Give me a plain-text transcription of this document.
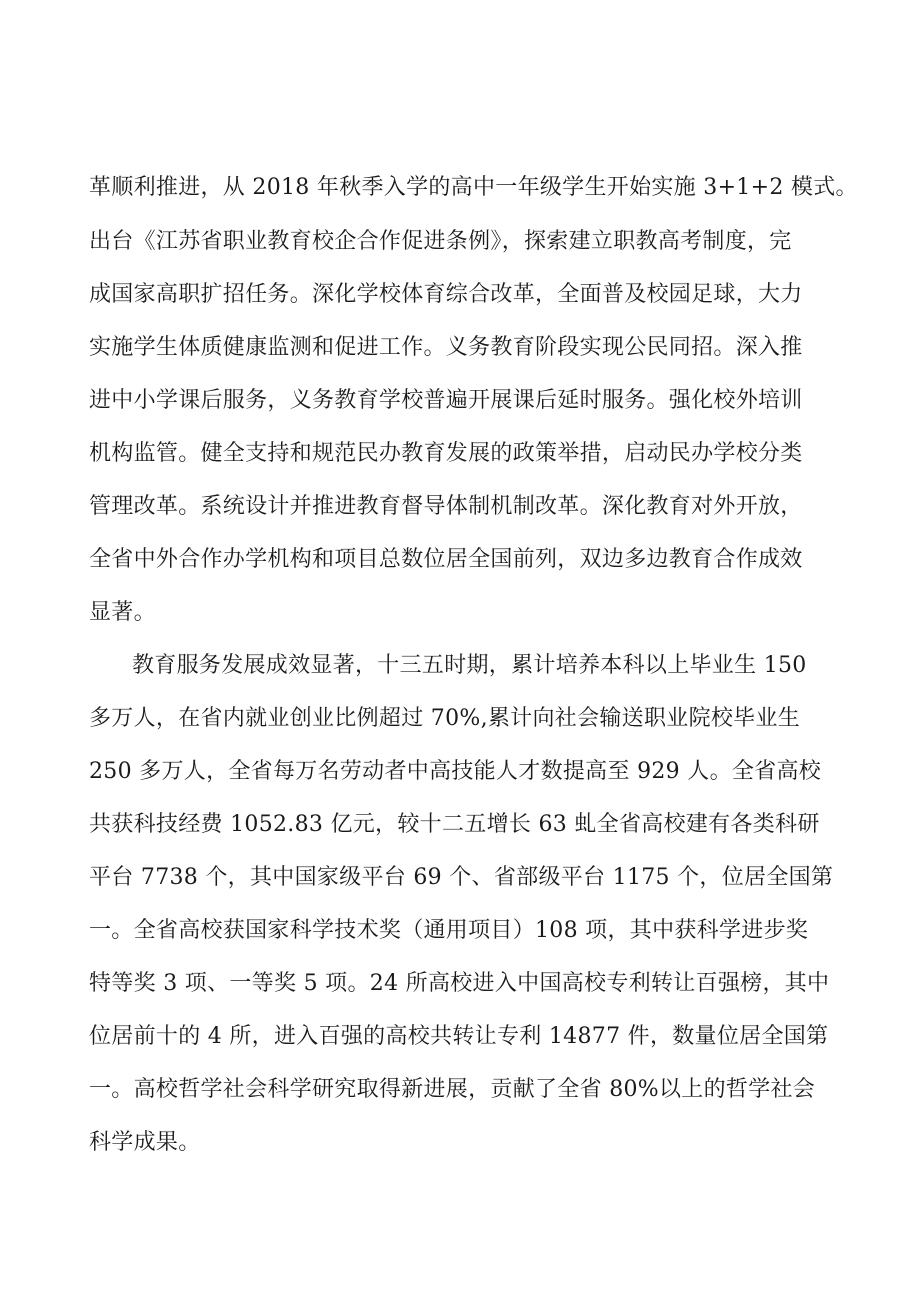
革顺利推进，从 2018 年秋季入学的高中一年级学生开始实施 3+1+2 模式。
出台《江苏省职业教育校企合作促进条例》，探索建立职教高考制度，完
成国家高职扩招任务。深化学校体育综合改革，全面普及校园足球，大力
实施学生体质健康监测和促进工作。义务教育阶段实现公民同招。深入推
进中小学课后服务，义务教育学校普遍开展课后延时服务。强化校外培训
机构监管。健全支持和规范民办教育发展的政策举措，启动民办学校分类
管理改革。系统设计并推进教育督导体制机制改革。深化教育对外开放，
全省中外合作办学机构和项目总数位居全国前列，双边多边教育合作成效
显著。
教育服务发展成效显著，十三五时期，累计培养本科以上毕业生 150
多万人，在省内就业创业比例超过 70%,累计向社会输送职业院校毕业生
250 多万人，全省每万名劳动者中高技能人才数提高至 929 人。全省高校
共获科技经费 1052.83 亿元，较十二五增长 63 虬全省高校建有各类科研
平台 7738 个，其中国家级平台 69 个、省部级平台 1175 个，位居全国第
一。全省高校获国家科学技术奖（通用项目）108 项，其中获科学进步奖
特等奖 3 项、一等奖 5 项。24 所高校进入中国高校专利转让百强榜，其中
位居前十的 4 所，进入百强的高校共转让专利 14877 件，数量位居全国第
一。高校哲学社会科学研究取得新进展，贡献了全省 80%以上的哲学社会
科学成果。
